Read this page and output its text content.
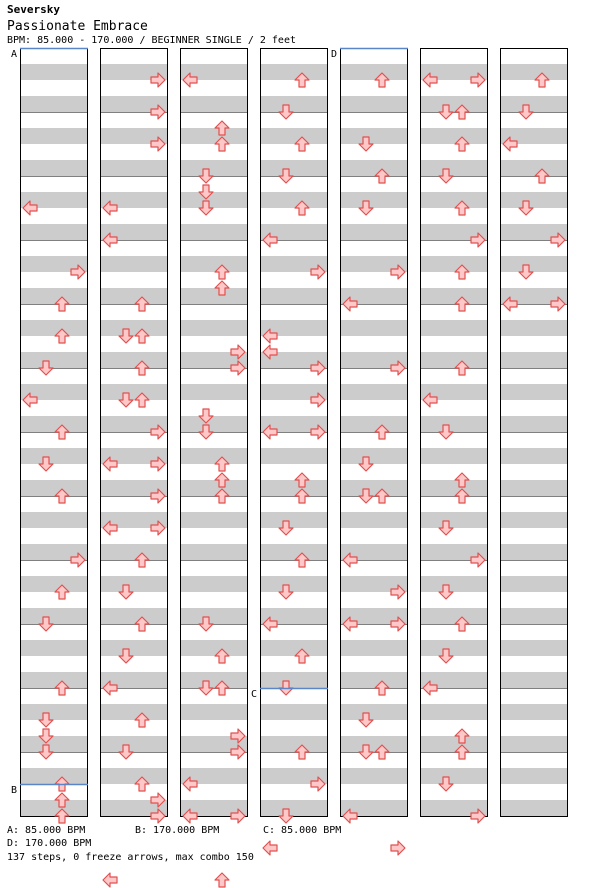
Seversky
Passionate Embrace
BPM: 85.000 - 170.000 / BEGINNER SINGLE / 2 feet
A
B
C
D
A: 85.000 BPM	B: 170.000 BPM	C: 85.000 BPM
D: 170.000 BPM
137 steps, 0 freeze arrows, max combo 150
